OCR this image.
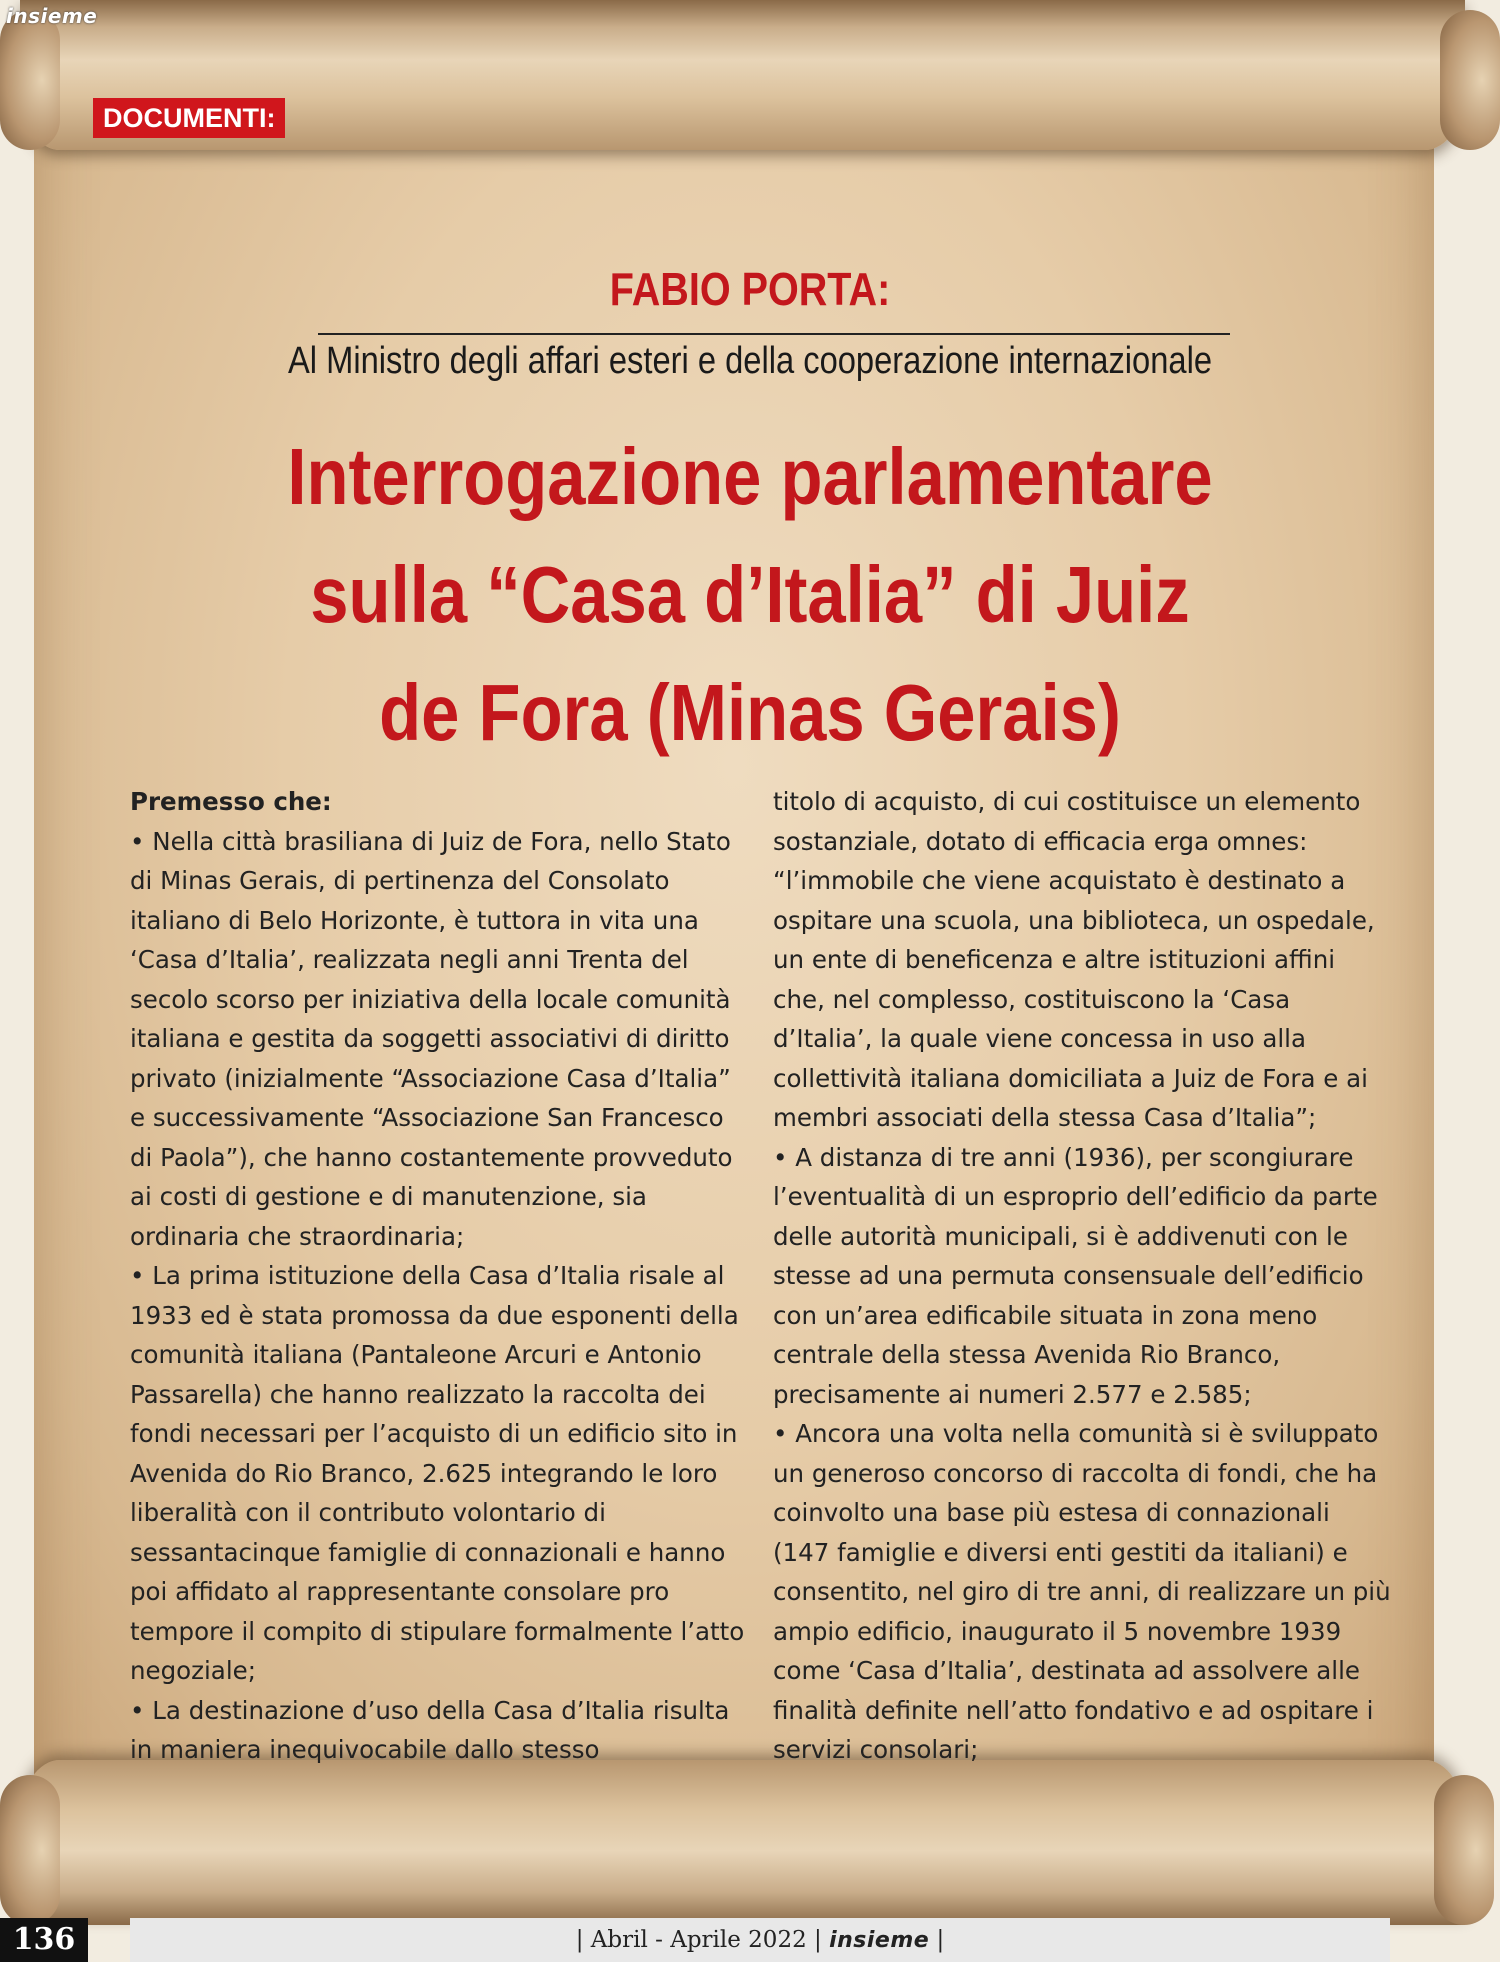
insieme
DOCUMENTI:
FABIO PORTA:
Al Ministro degli affari esteri e della cooperazione internazionale
Interrogazione parlamentare
sulla “Casa d’Italia” di Juiz
de Fora (Minas Gerais)

Premesso che:

• Nella città brasiliana di Juiz de Fora, nello Stato di Minas Gerais, di pertinenza del Consolato italiano di Belo Horizonte, è tuttora in vita una ‘Casa d’Italia’, realizzata negli anni Trenta del secolo scorso per iniziativa della locale comunità italiana e gestita da soggetti associativi di diritto privato (inizialmente “Associazione Casa d’Italia” e successivamente “Associazione San Francesco di Paola”), che hanno costantemente provveduto ai costi di gestione e di manutenzione, sia ordinaria che straordinaria;

• La prima istituzione della Casa d’Italia risale al 1933 ed è stata promossa da due esponenti della comunità italiana (Pantaleone Arcuri e Antonio Passarella) che hanno realizzato la raccolta dei fondi necessari per l’acquisto di un edificio sito in Avenida do Rio Branco, 2.625 integrando le loro liberalità con il contributo volontario di sessantacinque famiglie di connazionali e hanno poi affidato al rappresentante consolare pro tempore il compito di stipulare formalmente l’atto negoziale;

• La destinazione d’uso della Casa d’Italia risulta in maniera inequivocabile dallo stesso

titolo di acquisto, di cui costituisce un elemento sostanziale, dotato di efficacia erga omnes: “l’immobile che viene acquistato è destinato a ospitare una scuola, una biblioteca, un ospedale, un ente di beneficenza e altre istituzioni affini che, nel complesso, costituiscono la ‘Casa d’Italia’, la quale viene concessa in uso alla collettività italiana domiciliata a Juiz de Fora e ai membri associati della stessa Casa d’Italia”;

• A distanza di tre anni (1936), per scongiurare l’eventualità di un esproprio dell’edificio da parte delle autorità municipali, si è addivenuti con le stesse ad una permuta consensuale dell’edificio con un’area edificabile situata in zona meno centrale della stessa Avenida Rio Branco, precisamente ai numeri 2.577 e 2.585;

• Ancora una volta nella comunità si è sviluppato un generoso concorso di raccolta di fondi, che ha coinvolto una base più estesa di connazionali (147 famiglie e diversi enti gestiti da italiani) e consentito, nel giro di tre anni, di realizzare un più ampio edificio, inaugurato il 5 novembre 1939 come ‘Casa d’Italia’, destinata ad assolvere alle finalità definite nell’atto fondativo e ad ospitare i servizi consolari;

136	| Abril - Aprile 2022 | insieme |
